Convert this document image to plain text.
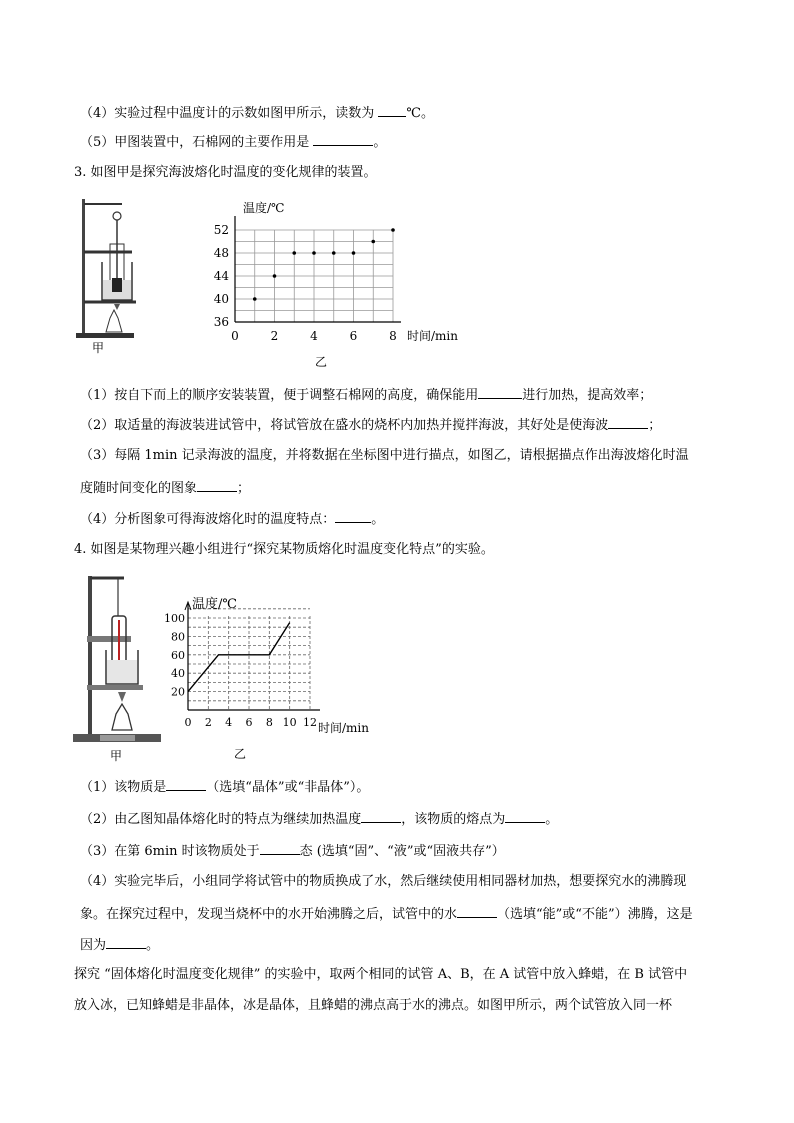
（4）实验过程中温度计的示数如图甲所示，读数为 ℃。
（5）甲图装置中，石棉网的主要作用是	。
3. 如图甲是探究海波熔化时温度的变化规律的装置。
甲
0	2	4	6	8
36
40
44
48
52
温度/℃
时间/min
乙
（1）按自下而上的顺序安装装置，便于调整石棉网的高度，确保能用	进行加热，提高效率；
（2）取适量的海波装进试管中，将试管放在盛水的烧杯内加热并搅拌海波，其好处是使海波	；
（3）每隔 1min 记录海波的温度，并将数据在坐标图中进行描点，如图乙，请根据描点作出海波熔化时温
度随时间变化的图象	；
（4）分析图象可得海波熔化时的温度特点：	。
4. 如图是某物理兴趣小组进行“探究某物质熔化时温度变化特点”的实验。
甲
0 2 4 6 8 10 12
20
40
60
80
100
温度/℃
时间/min
乙
（1）该物质是	（选填“晶体”或“非晶体”）。
（2）由乙图知晶体熔化时的特点为继续加热温度	，该物质的熔点为	。
（3）在第 6min 时该物质处于	态 (选填“固”、“液”或“固液共存”）
（4）实验完毕后，小组同学将试管中的物质换成了水，然后继续使用相同器材加热，想要探究水的沸腾现
象。在探究过程中，发现当烧杯中的水开始沸腾之后，试管中的水	（选填“能”或“不能”）沸腾，这是
因为	。
探究 “固体熔化时温度变化规律” 的实验中，取两个相同的试管 A、B，在 A 试管中放入蜂蜡，在 B 试管中
放入冰，已知蜂蜡是非晶体，冰是晶体，且蜂蜡的沸点高于水的沸点。如图甲所示，两个试管放入同一杯
